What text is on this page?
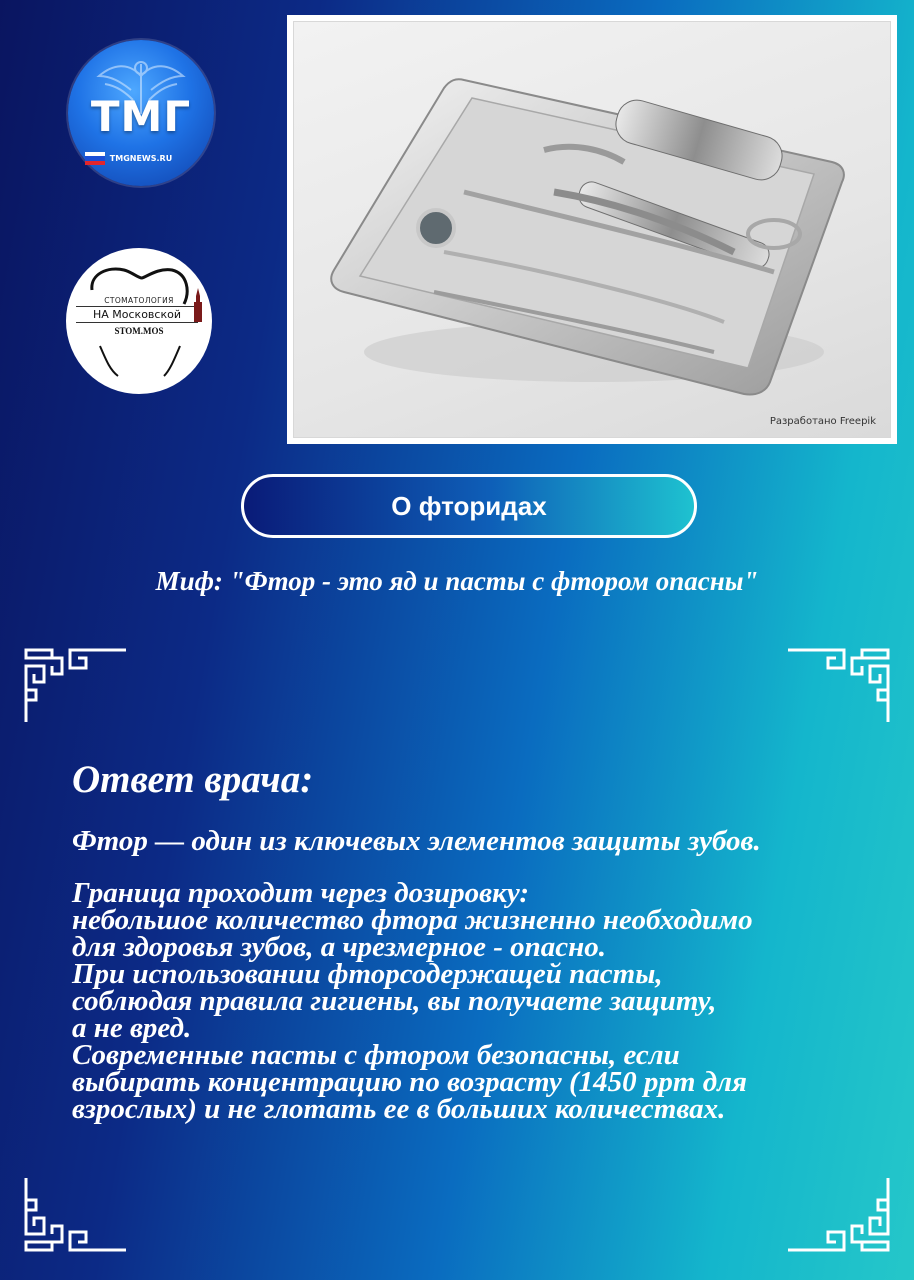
ТМГ
TMGNEWS.RU
СТОМАТОЛОГИЯ
НА Московской
STOM.MOS
Разработано Freepik
О фторидах
Миф: "Фтор - это яд и пасты с фтором опасны"
Ответ врача:
Фтор — один из ключевых элементов защиты зубов.
Граница проходит через дозировку:
небольшое количество фтора жизненно необходимо
для здоровья зубов, а чрезмерное - опасно.
При использовании фторсодержащей пасты,
соблюдая правила гигиены, вы получаете защиту,
а не вред.
Современные пасты с фтором безопасны, если
выбирать концентрацию по возрасту (1450 ppm для
взрослых) и не глотать ее в больших количествах.
